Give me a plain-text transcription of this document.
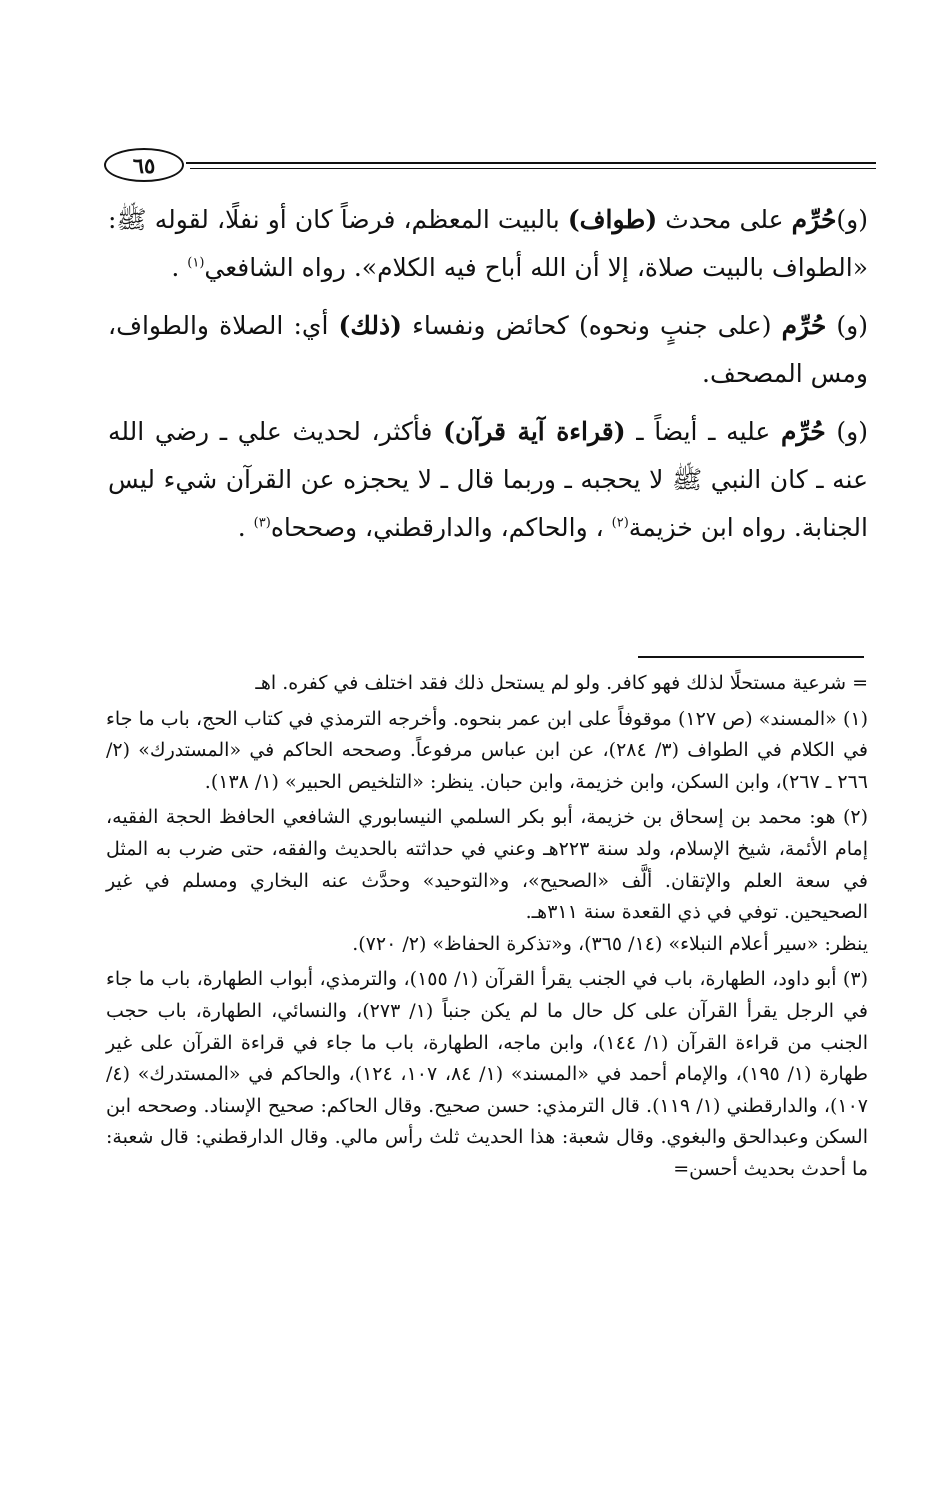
٦٥

(و)حُرِّم على محدث (طواف) بالبيت المعظم، فرضاً كان أو نفلًا، لقوله ﷺ: «الطواف بالبيت صلاة، إلا أن الله أباح فيه الكلام». رواه الشافعي$^{(١)}$ .

(و) حُرِّم (على جنبٍ ونحوه) كحائض ونفساء (ذلك) أي: الصلاة والطواف، ومس المصحف.

(و) حُرِّم عليه ـ أيضاً ـ (قراءة آية قرآن) فأكثر، لحديث علي ـ رضي الله عنه ـ كان النبي ﷺ لا يحجبه ـ وربما قال ـ لا يحجزه عن القرآن شيء ليس الجنابة. رواه ابن خزيمة$^{(٢)}$ ، والحاكم، والدارقطني، وصححاه$^{(٣)}$ .

= شرعية مستحلًا لذلك فهو كافر. ولو لم يستحل ذلك فقد اختلف في كفره. اهـ

(١) «المسند» (ص ١٢٧) موقوفاً على ابن عمر بنحوه. وأخرجه الترمذي في كتاب الحج، باب ما جاء في الكلام في الطواف (٣/ ٢٨٤)، عن ابن عباس مرفوعاً. وصححه الحاكم في «المستدرك» (٢/ ٢٦٦ ـ ٢٦٧)، وابن السكن، وابن خزيمة، وابن حبان. ينظر: «التلخيص الحبير» (١/ ١٣٨).

(٢) هو: محمد بن إسحاق بن خزيمة، أبو بكر السلمي النيسابوري الشافعي الحافظ الحجة الفقيه، إمام الأئمة، شيخ الإسلام، ولد سنة ٢٢٣هـ وعني في حداثته بالحديث والفقه، حتى ضرب به المثل في سعة العلم والإتقان. ألَّف «الصحيح»، و«التوحيد» وحدَّث عنه البخاري ومسلم في غير الصحيحين. توفي في ذي القعدة سنة ٣١١هـ.

ينظر: «سير أعلام النبلاء» (١٤/ ٣٦٥)، و«تذكرة الحفاظ» (٢/ ٧٢٠).

(٣) أبو داود، الطهارة، باب في الجنب يقرأ القرآن (١/ ١٥٥)، والترمذي، أبواب الطهارة، باب ما جاء في الرجل يقرأ القرآن على كل حال ما لم يكن جنباً (١/ ٢٧٣)، والنسائي، الطهارة، باب حجب الجنب من قراءة القرآن (١/ ١٤٤)، وابن ماجه، الطهارة، باب ما جاء في قراءة القرآن على غير طهارة (١/ ١٩٥)، والإمام أحمد في «المسند» (١/ ٨٤، ١٠٧، ١٢٤)، والحاكم في «المستدرك» (٤/ ١٠٧)، والدارقطني (١/ ١١٩). قال الترمذي: حسن صحيح. وقال الحاكم: صحيح الإسناد. وصححه ابن السكن وعبدالحق والبغوي. وقال شعبة: هذا الحديث ثلث رأس مالي. وقال الدارقطني: قال شعبة: ما أحدث بحديث أحسن=
